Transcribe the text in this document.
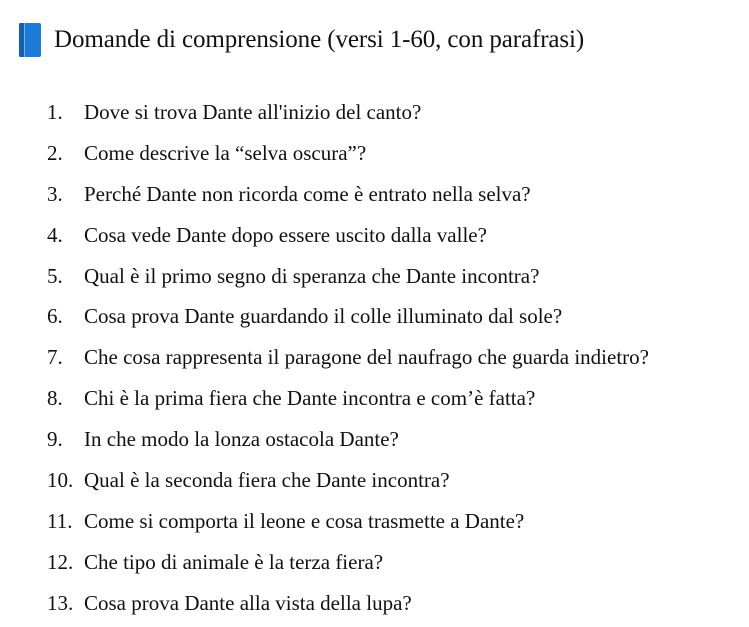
Domande di comprensione (versi 1-60, con parafrasi)
1.	Dove si trova Dante all'inizio del canto?
2.	Come descrive la “selva oscura”?
3.	Perché Dante non ricorda come è entrato nella selva?
4.	Cosa vede Dante dopo essere uscito dalla valle?
5.	Qual è il primo segno di speranza che Dante incontra?
6.	Cosa prova Dante guardando il colle illuminato dal sole?
7.	Che cosa rappresenta il paragone del naufrago che guarda indietro?
8.	Chi è la prima fiera che Dante incontra e com’è fatta?
9.	In che modo la lonza ostacola Dante?
10. Qual è la seconda fiera che Dante incontra?
11. Come si comporta il leone e cosa trasmette a Dante?
12. Che tipo di animale è la terza fiera?
13. Cosa prova Dante alla vista della lupa?
